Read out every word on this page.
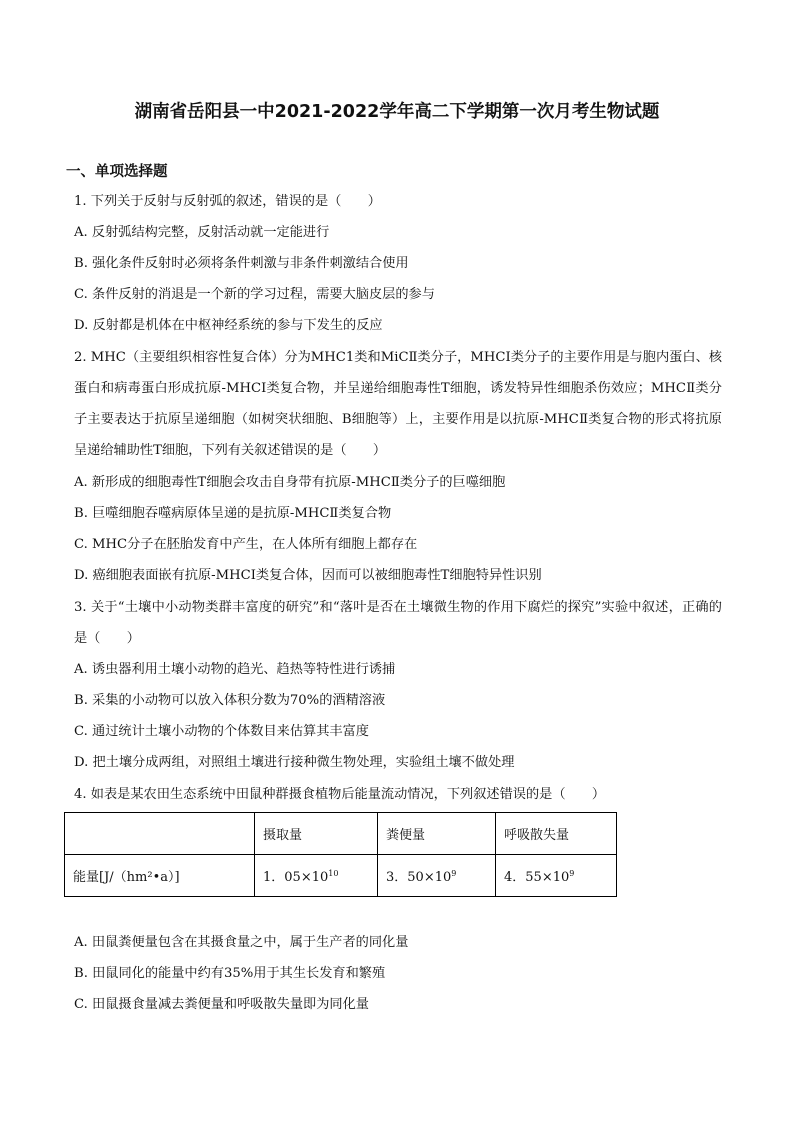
湖南省岳阳县一中2021-2022学年高二下学期第一次月考生物试题
一、单项选择题
1. 下列关于反射与反射弧的叙述，错误的是（　　）
A. 反射弧结构完整，反射活动就一定能进行
B. 强化条件反射时必须将条件刺激与非条件刺激结合使用
C. 条件反射的消退是一个新的学习过程，需要大脑皮层的参与
D. 反射都是机体在中枢神经系统的参与下发生的反应
2. MHC（主要组织相容性复合体）分为MHC1类和MiCⅡ类分子，MHCI类分子的主要作用是与胞内蛋白、核蛋白和病毒蛋白形成抗原-MHCI类复合物，并呈递给细胞毒性T细胞，诱发特异性细胞杀伤效应；MHCⅡ类分子主要表达于抗原呈递细胞（如树突状细胞、B细胞等）上，主要作用是以抗原-MHCⅡ类复合物的形式将抗原呈递给辅助性T细胞，下列有关叙述错误的是（　　）
A. 新形成的细胞毒性T细胞会攻击自身带有抗原-MHCⅡ类分子的巨噬细胞
B. 巨噬细胞吞噬病原体呈递的是抗原-MHCⅡ类复合物
C. MHC分子在胚胎发育中产生，在人体所有细胞上都存在
D. 癌细胞表面嵌有抗原-MHCI类复合体，因而可以被细胞毒性T细胞特异性识别
3. 关于“土壤中小动物类群丰富度的研究”和“落叶是否在土壤微生物的作用下腐烂的探究”实验中叙述，正确的是（　　）
A. 诱虫器利用土壤小动物的趋光、趋热等特性进行诱捕
B. 采集的小动物可以放入体积分数为70%的酒精溶液
C. 通过统计土壤小动物的个体数目来估算其丰富度
D. 把土壤分成两组，对照组土壤进行接种微生物处理，实验组土壤不做处理
4. 如表是某农田生态系统中田鼠种群摄食植物后能量流动情况，下列叙述错误的是（　　）
	摄取量	粪便量	呼吸散失量
能量[J/（hm²•a）]	1．$05\times 10^{10}$	3．$50\times 10^9$	4．$55\times 10^9$
A. 田鼠粪便量包含在其摄食量之中，属于生产者的同化量
B. 田鼠同化的能量中约有35%用于其生长发育和繁殖
C. 田鼠摄食量减去粪便量和呼吸散失量即为同化量
